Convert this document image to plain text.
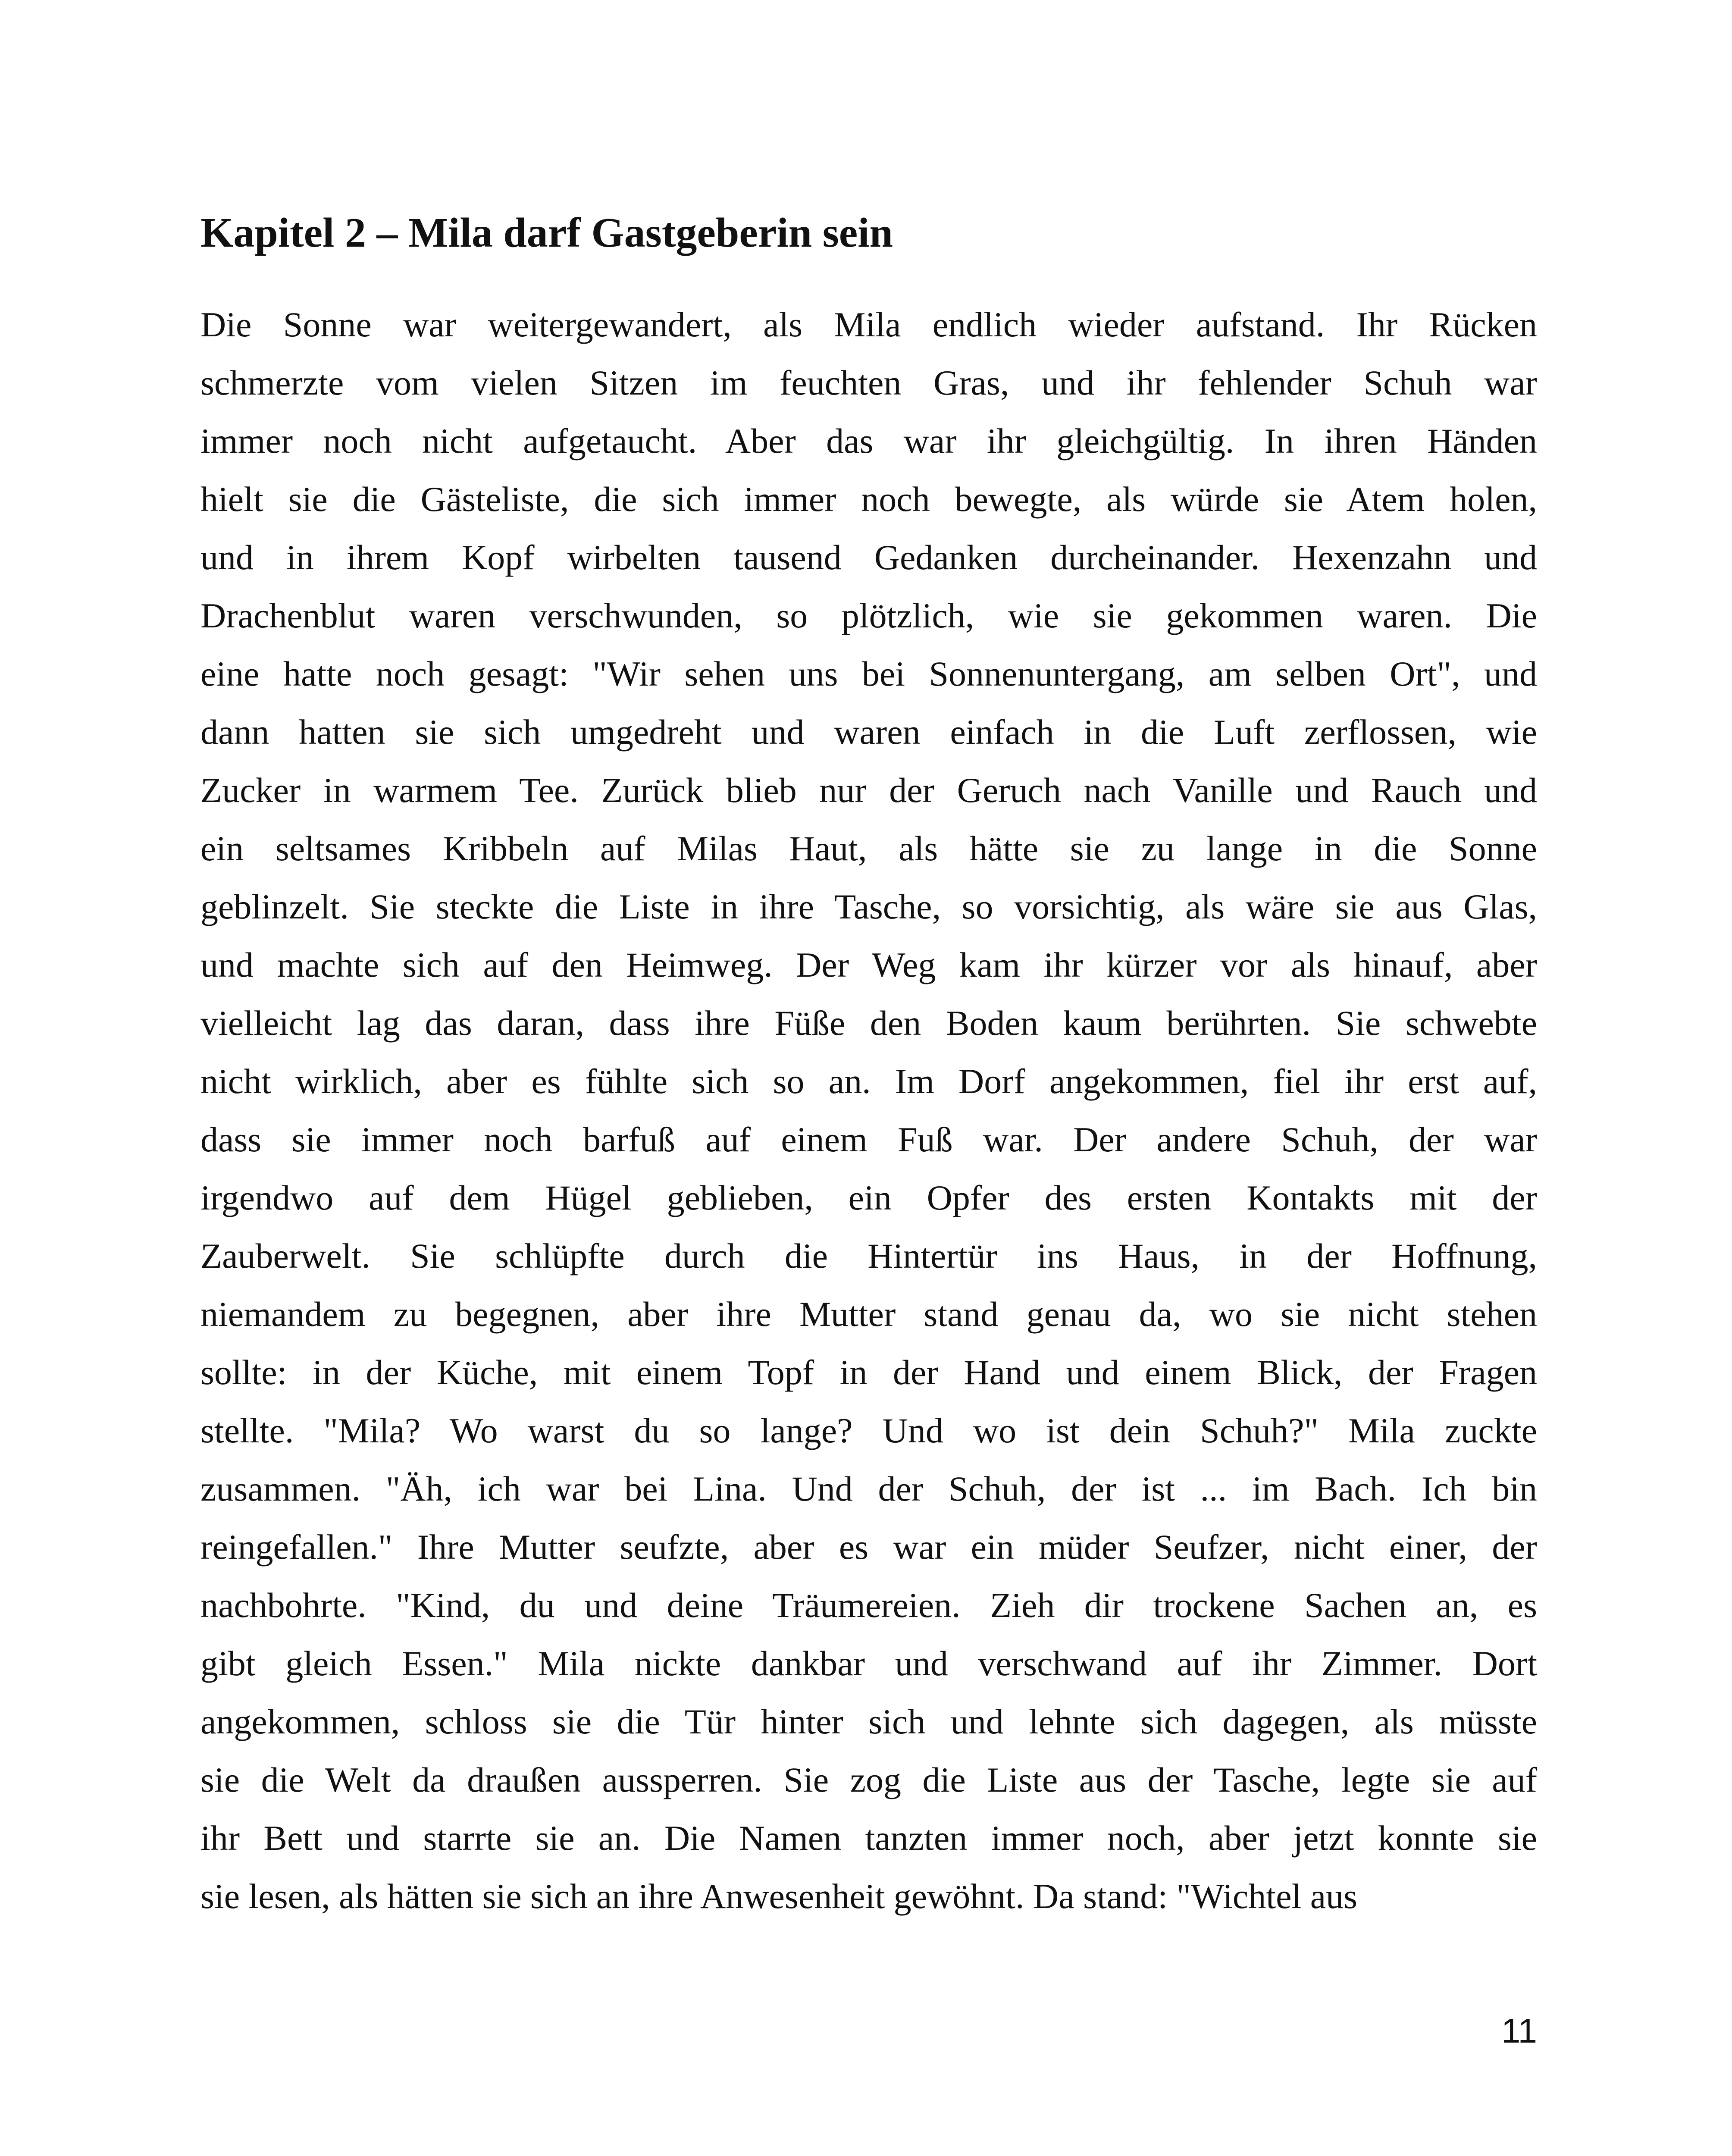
Kapitel 2 – Mila darf Gastgeberin sein
Die Sonne war weitergewandert, als Mila endlich wieder aufstand. Ihr Rücken
schmerzte vom vielen Sitzen im feuchten Gras, und ihr fehlender Schuh war
immer noch nicht aufgetaucht. Aber das war ihr gleichgültig. In ihren Händen
hielt sie die Gästeliste, die sich immer noch bewegte, als würde sie Atem holen,
und in ihrem Kopf wirbelten tausend Gedanken durcheinander. Hexenzahn und
Drachenblut waren verschwunden, so plötzlich, wie sie gekommen waren. Die
eine hatte noch gesagt: "Wir sehen uns bei Sonnenuntergang, am selben Ort", und
dann hatten sie sich umgedreht und waren einfach in die Luft zerflossen, wie
Zucker in warmem Tee. Zurück blieb nur der Geruch nach Vanille und Rauch und
ein seltsames Kribbeln auf Milas Haut, als hätte sie zu lange in die Sonne
geblinzelt. Sie steckte die Liste in ihre Tasche, so vorsichtig, als wäre sie aus Glas,
und machte sich auf den Heimweg. Der Weg kam ihr kürzer vor als hinauf, aber
vielleicht lag das daran, dass ihre Füße den Boden kaum berührten. Sie schwebte
nicht wirklich, aber es fühlte sich so an. Im Dorf angekommen, fiel ihr erst auf,
dass sie immer noch barfuß auf einem Fuß war. Der andere Schuh, der war
irgendwo auf dem Hügel geblieben, ein Opfer des ersten Kontakts mit der
Zauberwelt. Sie schlüpfte durch die Hintertür ins Haus, in der Hoffnung,
niemandem zu begegnen, aber ihre Mutter stand genau da, wo sie nicht stehen
sollte: in der Küche, mit einem Topf in der Hand und einem Blick, der Fragen
stellte. "Mila? Wo warst du so lange? Und wo ist dein Schuh?" Mila zuckte
zusammen. "Äh, ich war bei Lina. Und der Schuh, der ist ... im Bach. Ich bin
reingefallen." Ihre Mutter seufzte, aber es war ein müder Seufzer, nicht einer, der
nachbohrte. "Kind, du und deine Träumereien. Zieh dir trockene Sachen an, es
gibt gleich Essen." Mila nickte dankbar und verschwand auf ihr Zimmer. Dort
angekommen, schloss sie die Tür hinter sich und lehnte sich dagegen, als müsste
sie die Welt da draußen aussperren. Sie zog die Liste aus der Tasche, legte sie auf
ihr Bett und starrte sie an. Die Namen tanzten immer noch, aber jetzt konnte sie
sie lesen, als hätten sie sich an ihre Anwesenheit gewöhnt. Da stand: "Wichtel aus
11
